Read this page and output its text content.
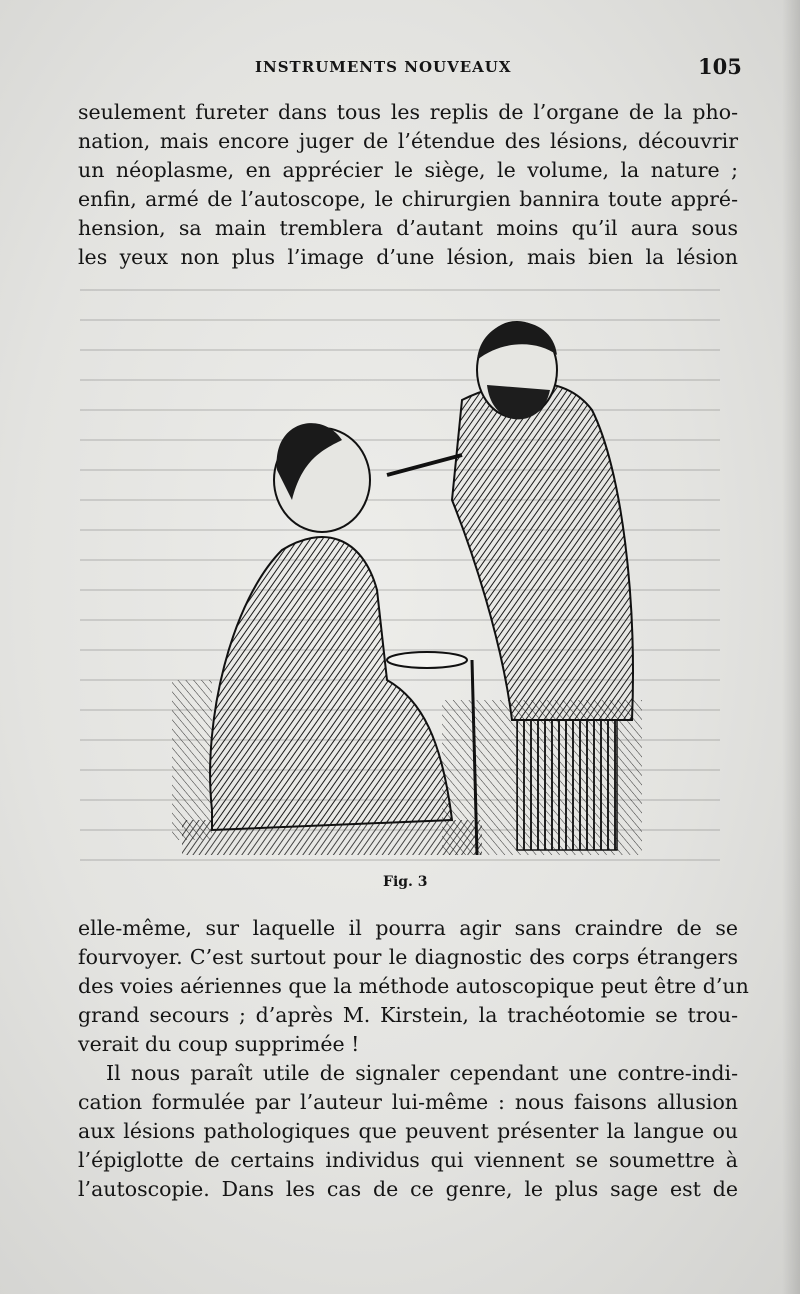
INSTRUMENTS NOUVEAUX	105
seulement fureter dans tous les replis de l’organe de la pho-
nation, mais encore juger de l’étendue des lésions, découvrir
un néoplasme, en apprécier le siège, le volume, la nature ;
enfin, armé de l’autoscope, le chirurgien bannira toute appré-
hension, sa main tremblera d’autant moins qu’il aura sous
les yeux non plus l’image d’une lésion, mais bien la lésion
Fig. 3
elle-même, sur laquelle il pourra agir sans craindre de se
fourvoyer. C’est surtout pour le diagnostic des corps étrangers
des voies aériennes que la méthode autoscopique peut être d’un
grand secours ; d’après M. Kirstein, la trachéotomie se trou-
verait du coup supprimée !
Il nous paraît utile de signaler cependant une contre-indi-
cation formulée par l’auteur lui-même : nous faisons allusion
aux lésions pathologiques que peuvent présenter la langue ou
l’épiglotte de certains individus qui viennent se soumettre à
l’autoscopie. Dans les cas de ce genre, le plus sage est de
